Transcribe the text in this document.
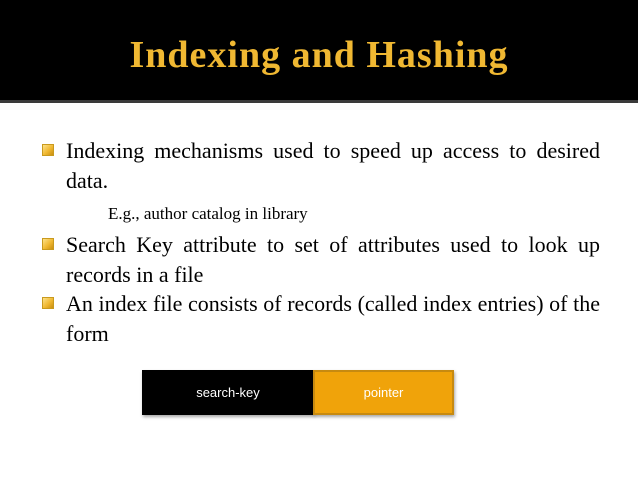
Indexing and Hashing
Indexing mechanisms used to speed up access to desired data.
E.g., author catalog in library
Search Key attribute to set of attributes used to look up records in a file
An index file consists of records (called index entries) of the form
search-key	pointer
